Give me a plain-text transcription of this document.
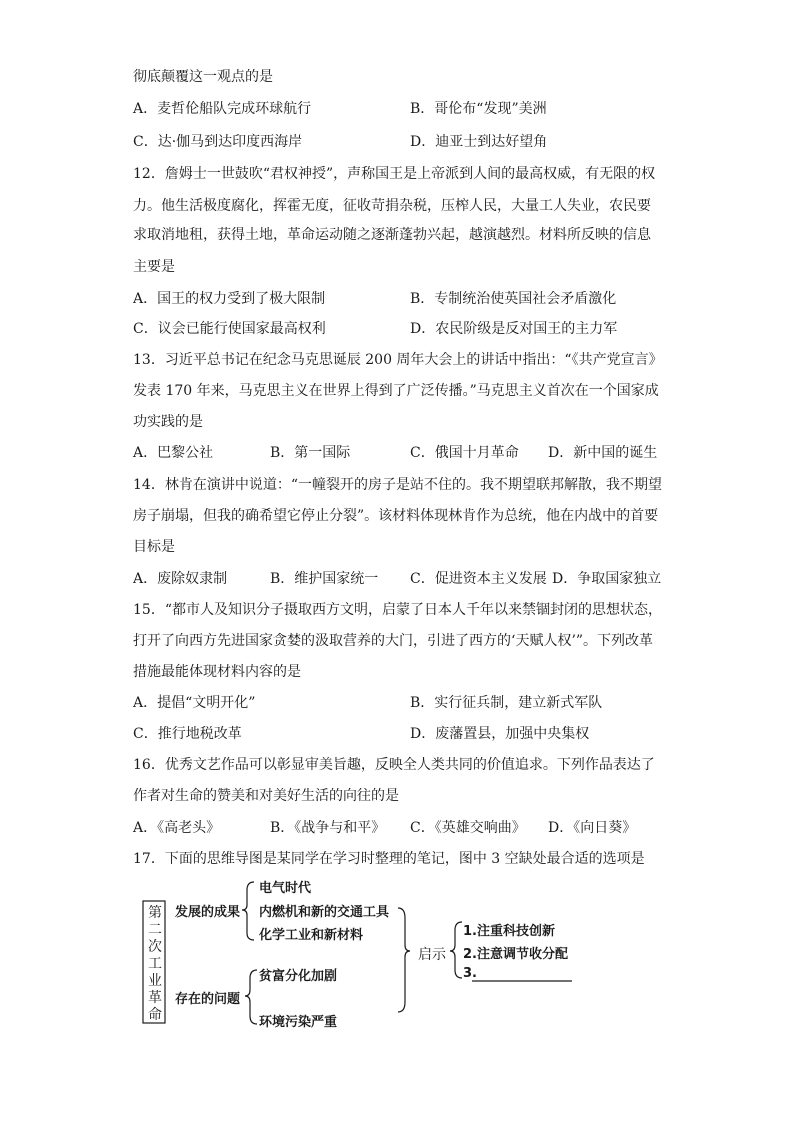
彻底颠覆这一观点的是
A．麦哲伦船队完成环球航行	B．哥伦布“发现”美洲
C．达·伽马到达印度西海岸	D．迪亚士到达好望角
12．詹姆士一世鼓吹“君权神授”，声称国王是上帝派到人间的最高权威，有无限的权
力。他生活极度腐化，挥霍无度，征收苛捐杂税，压榨人民，大量工人失业，农民要
求取消地租，获得土地，革命运动随之逐渐蓬勃兴起，越演越烈。材料所反映的信息
主要是
A．国王的权力受到了极大限制	B．专制统治使英国社会矛盾激化
C．议会已能行使国家最高权利	D．农民阶级是反对国王的主力军
13．习近平总书记在纪念马克思诞辰 200 周年大会上的讲话中指出：“《共产党宣言》
发表 170 年来，马克思主义在世界上得到了广泛传播。”马克思主义首次在一个国家成
功实践的是
A．巴黎公社	B．第一国际	C．俄国十月革命 D．新中国的诞生
14．林肯在演讲中说道：“一幢裂开的房子是站不住的。我不期望联邦解散，我不期望
房子崩塌，但我的确希望它停止分裂”。该材料体现林肯作为总统，他在内战中的首要
目标是
A．废除奴隶制	B．维护国家统一 C．促进资本主义发展 D．争取国家独立
15．“都市人及知识分子摄取西方文明，启蒙了日本人千年以来禁锢封闭的思想状态，
打开了向西方先进国家贪婪的汲取营养的大门，引进了西方的‘天赋人权’”。下列改革
措施最能体现材料内容的是
A．提倡“文明开化”	B．实行征兵制，建立新式军队
C．推行地税改革	D．废藩置县，加强中央集权
16．优秀文艺作品可以彰显审美旨趣，反映全人类共同的价值追求。下列作品表达了
作者对生命的赞美和对美好生活的向往的是
A．《高老头》	B．《战争与和平》 C．《英雄交响曲》 D．《向日葵》
17．下面的思维导图是某同学在学习时整理的笔记，图中 3 空缺处最合适的选项是
第
二
次
工
业
革
命
发展的成果
电气时代
内燃机和新的交通工具
化学工业和新材料
存在的问题
贫富分化加剧
环境污染严重
启示
1.注重科技创新
2.注意调节收分配
3.
